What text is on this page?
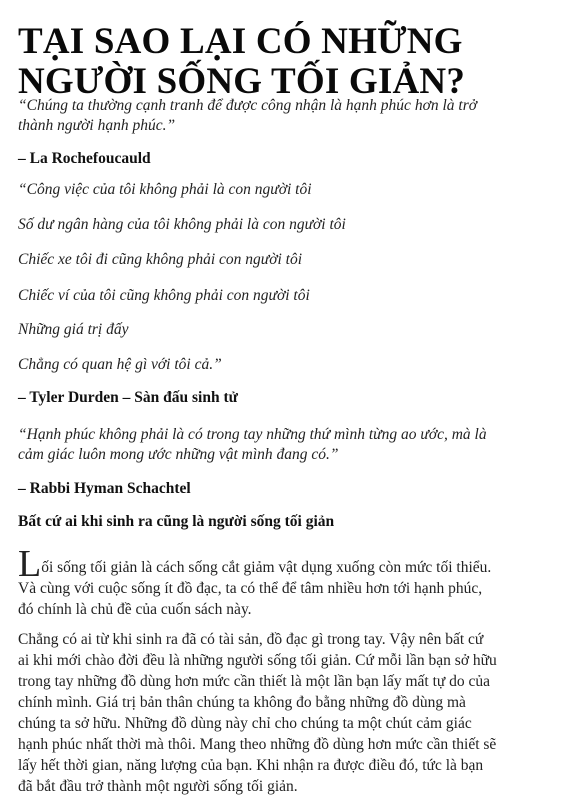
TẠI SAO LẠI CÓ NHỮNG
NGƯỜI SỐNG TỐI GIẢN?

“Chúng ta thường cạnh tranh để được công nhận là hạnh phúc hơn là trở
thành người hạnh phúc.”

– La Rochefoucauld

“Công việc của tôi không phải là con người tôi

Số dư ngân hàng của tôi không phải là con người tôi

Chiếc xe tôi đi cũng không phải con người tôi

Chiếc ví của tôi cũng không phải con người tôi

Những giá trị đấy

Chẳng có quan hệ gì với tôi cả.”

– Tyler Durden – Sàn đấu sinh tử

“Hạnh phúc không phải là có trong tay những thứ mình từng ao ước, mà là
cảm giác luôn mong ước những vật mình đang có.”

– Rabbi Hyman Schachtel

Bất cứ ai khi sinh ra cũng là người sống tối giản

Lối sống tối giản là cách sống cắt giảm vật dụng xuống còn mức tối thiểu.
Và cùng với cuộc sống ít đồ đạc, ta có thể để tâm nhiều hơn tới hạnh phúc,
đó chính là chủ đề của cuốn sách này.

Chẳng có ai từ khi sinh ra đã có tài sản, đồ đạc gì trong tay. Vậy nên bất cứ
ai khi mới chào đời đều là những người sống tối giản. Cứ mỗi lần bạn sở hữu
trong tay những đồ dùng hơn mức cần thiết là một lần bạn lấy mất tự do của
chính mình. Giá trị bản thân chúng ta không đo bằng những đồ dùng mà
chúng ta sở hữu. Những đồ dùng này chỉ cho chúng ta một chút cảm giác
hạnh phúc nhất thời mà thôi. Mang theo những đồ dùng hơn mức cần thiết sẽ
lấy hết thời gian, năng lượng của bạn. Khi nhận ra được điều đó, tức là bạn
đã bắt đầu trở thành một người sống tối giản.
